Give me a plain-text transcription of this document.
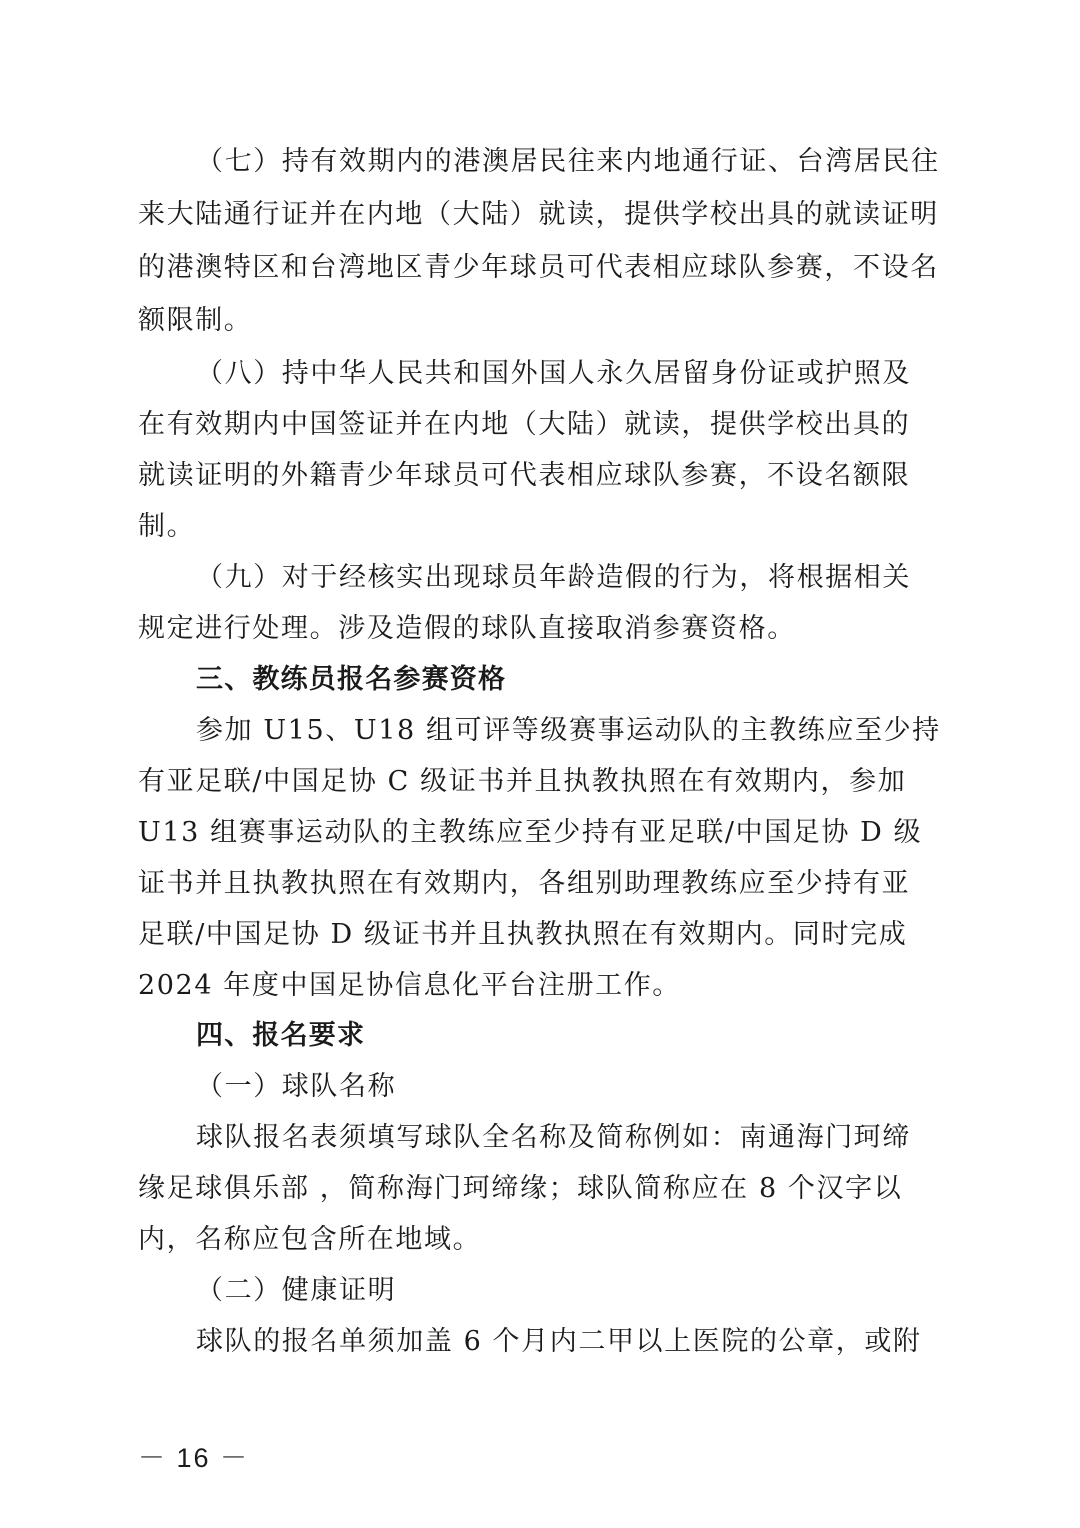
（七）持有效期内的港澳居民往来内地通行证、台湾居民往
来大陆通行证并在内地（大陆）就读，提供学校出具的就读证明
的港澳特区和台湾地区青少年球员可代表相应球队参赛，不设名
额限制。
（八）持中华人民共和国外国人永久居留身份证或护照及
在有效期内中国签证并在内地（大陆）就读，提供学校出具的
就读证明的外籍青少年球员可代表相应球队参赛，不设名额限
制。
（九）对于经核实出现球员年龄造假的行为，将根据相关
规定进行处理。涉及造假的球队直接取消参赛资格。
三、教练员报名参赛资格
参加 U15、U18 组可评等级赛事运动队的主教练应至少持
有亚足联/中国足协 C 级证书并且执教执照在有效期内，参加
U13 组赛事运动队的主教练应至少持有亚足联/中国足协 D 级
证书并且执教执照在有效期内，各组别助理教练应至少持有亚
足联/中国足协 D 级证书并且执教执照在有效期内。同时完成
2024 年度中国足协信息化平台注册工作。
四、报名要求
（一）球队名称
球队报名表须填写球队全名称及简称例如：南通海门珂缔
缘足球俱乐部 ，简称海门珂缔缘；球队简称应在 8 个汉字以
内，名称应包含所在地域。
（二）健康证明
球队的报名单须加盖 6 个月内二甲以上医院的公章，或附
－ 16 －
